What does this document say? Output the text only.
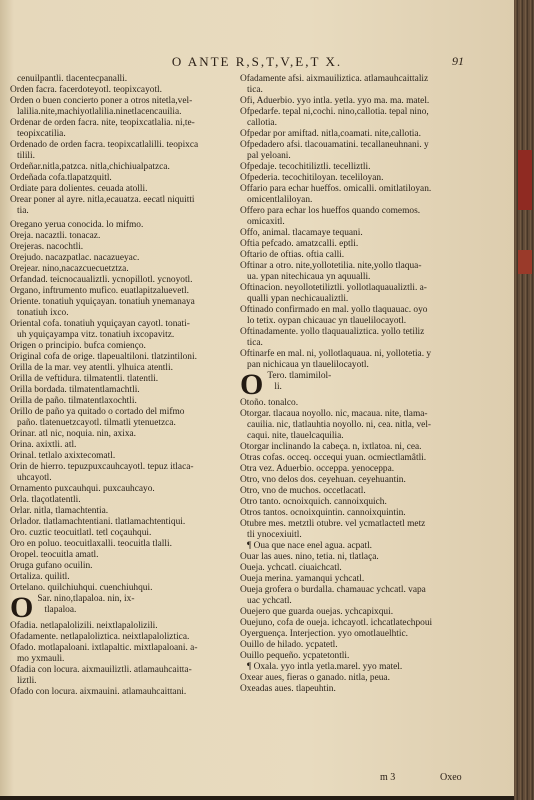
O ANTE R,S,T,V,E,T X.	91
cenuilpantli. tlacentecpanalli.
Orden facra. facerdoteyotl. teopixcayotl.
Orden o buen concierto poner a otros nitetla,vel-
lalilia.nite,machiyotlalilia.ninetlacencauilia.
Ordenar de orden facra. nite, teopixcatlalia. ni,te-
teopixcatilia.
Ordenado de orden facra. teopixcatlalilli. teopixca
tilili.
Ordeñar.nitla,patzca. nitla,chichiualpatzca.
Ordeñada cofa.tlapatzquitl.
Ordiate para dolientes. ceuada atolli.
Orear poner al ayre. nitla,ecauatza. eecatl niquitti
tia.
Oregano yerua conocida. lo mifmo.
Oreja. nacaztli. tonacaz.
Orejeras. nacochtli.
Orejudo. nacazpatlac. nacazueyac.
Orejear. nino,nacazcuecuetztza.
Orfandad. teicnocaualiztli. ycnopillotl. ycnoyotl.
Organo, inftrumento mufico. euatlapitzaluevetl.
Oriente. tonatiuh yquiçayan. tonatiuh ynemanaya
tonatiuh ixco.
Oriental cofa. tonatiuh yquiçayan cayotl. tonati-
uh yquiçayampa vitz. tonatiuh ixcopavitz.
Origen o principio. bufca comienço.
Original cofa de orige. tlapeualtiloni. tlatzintiloni.
Orilla de la mar. vey atentli. ylhuica atentli.
Orilla de veftidura. tilmatentli. tlatentli.
Orilla bordada. tilmatentlamachtli.
Orilla de paño. tilmatentlaxochtli.
Orillo de paño ya quitado o cortado del mifmo
paño. tlatenuetzcayotl. tilmatli ytenuetzca.
Orinar. atl nic, noquia. nin, axixa.
Orina. axixtli. atl.
Orinal. tetlalo axixtecomatl.
Orin de hierro. tepuzpuxcauhcayotl. tepuz itlaca-
uhcayotl.
Ornamento puxcauhqui. puxcauhcayo.
Orla. tlaçotlatentli.
Orlar. nitla, tlamachtentia.
Orlador. tlatlamachtentiani. tlatlamachtentiqui.
Oro. cuztic teocuitlatl. tetl coçauhqui.
Oro en poluo. teocuitlaxalli. teocuitla tlalli.
Oropel. teocuitla amatl.
Oruga gufano ocuilin.
Ortaliza. quilitl.
Ortelano. quilchiuhqui. cuenchiuhqui.
O Sar. nino,tlapaloa. nin, ix-
tlapaloa.
Ofadia. netlapalolizili. neixtlapalolizili.
Ofadamente. netlapaloliztica. neixtlapaloliztica.
Ofado. motlapaloani. ixtlapaltic. mixtlapaloani. a-
mo yxmauli.
Ofadia con locura. aixmauiliztli. atlamauhcaitta-
liztli.
Ofado con locura. aixmauini. atlamauhcaittani.
Ofadamente afsi. aixmauiliztica. atlamauhcaittaliz
tica.
Ofi, Aduerbio. yyo intla. yetla. yyo ma. ma. matel.
Ofpedarfe. tepal ni,cochi. nino,callotia. tepal nino,
callotia.
Ofpedar por amiftad. nitla,coamati. nite,callotia.
Ofpedadero afsi. tlacouamatini. tecallaneuhnani. y
pal yeloani.
Ofpedaje. tecochitiliztli. tecelliztli.
Ofpederia. tecochitiloyan. teceliloyan.
Offario para echar hueffos. omicalli. omitlatiloyan.
omicentlaliloyan.
Offero para echar los hueffos quando comemos.
omicaxitl.
Offo, animal. tlacamaye tequani.
Oftia pefcado. amatzcalli. eptli.
Oftario de oftias. oftia calli.
Oftinar a otro. nite,yollotetilia. nite,yollo tlaqua-
ua. ypan nitechicaua yn aquualli.
Oftinacion. neyollotetiliztli. yollotlaquaualiztli. a-
qualli ypan nechicaualiztli.
Oftinado confirmado en mal. yollo tlaquauac. oyo
lo tetix. oypan chicauac yn tlauelilocayotl.
Oftinadamente. yollo tlaquaualiztica. yollo tetiliz
tica.
Oftinarfe en mal. ni, yollotlaquaua. ni, yollotetia. y
pan nichicaua yn tlauelilocayotl.
O Tero. tlamimilol-
li.
Otoño. tonalco.
Otorgar. tlacaua noyollo. nic, macaua. nite, tlama-
cauilia. nic, tlatlauhtia noyollo. ni, cea. nitla, vel-
caqui. nite, tlauelcaquilia.
Otorgar inclinando la cabeça. n, ixtlatoa. ni, cea.
Otras cofas. occeq. occequi yuan. ocmiectlamâtli.
Otra vez. Aduerbio. occeppa. yenoceppa.
Otro, vno delos dos. ceyehuan. ceyehuantin.
Otro, vno de muchos. occetlacatl.
Otro tanto. ocnoixquich. cannoixquich.
Otros tantos. ocnoixquintin. cannoixquintin.
Otubre mes. metztli otubre. vel ycmatlactetl metz
tli ynocexiuitl.
¶ Oua que nace enel agua. acpatl.
Ouar las aues. nino, tetia. ni, tlatlaça.
Oueja. ychcatl. ciuaichcatl.
Oueja merina. yamanqui ychcatl.
Oueja grofera o burdalla. chamauac ychcatl. vapa
uac ychcatl.
Ouejero que guarda ouejas. ychcapixqui.
Ouejuno, cofa de oueja. ichcayotl. ichcatlatechpoui
Oyerguença. Interjection. yyo omotlauelhtic.
Ouillo de hilado. ycpatetl.
Ouillo pequeño. ycpatetontli.
¶ Oxala. yyo intla yetla.marel. yyo matel.
Oxear aues, fieras o ganado. nitla, peua.
Oxeadas aues. tlapeuhtin.
m 3	Oxeo
